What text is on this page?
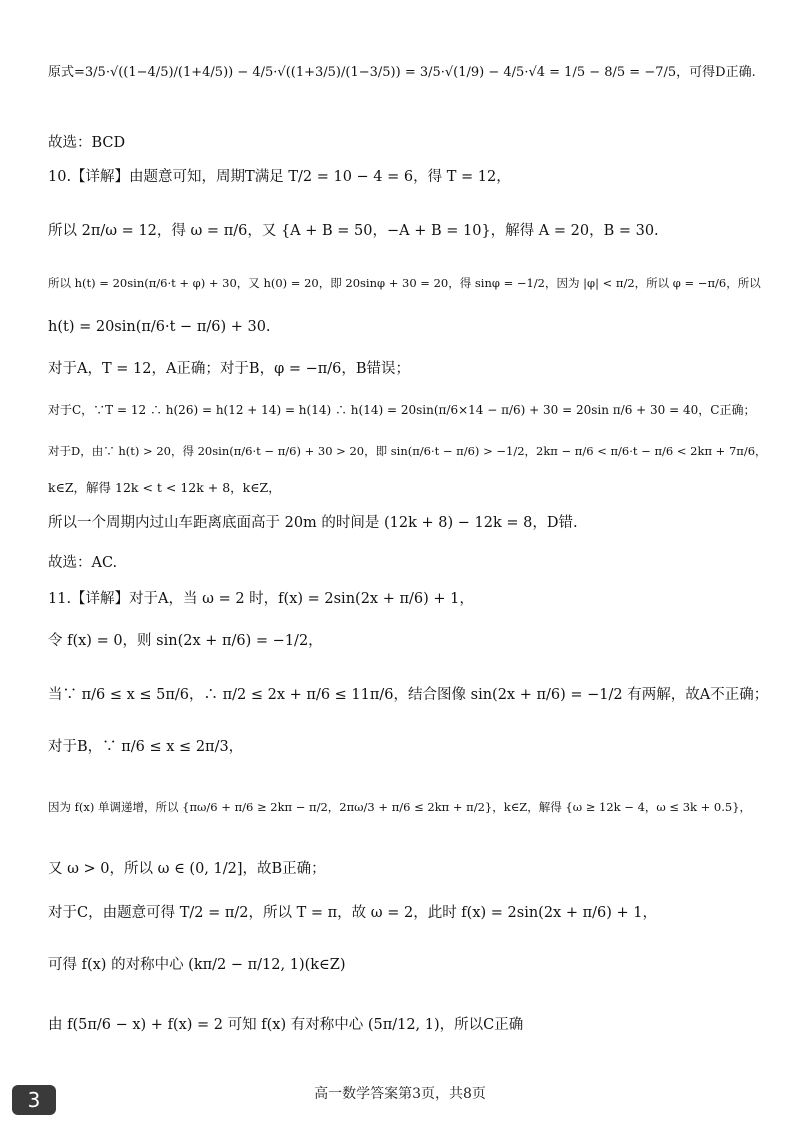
原式=3/5·√((1−4/5)/(1+4/5)) − 4/5·√((1+3/5)/(1−3/5)) = 3/5·√(1/9) − 4/5·√4 = 1/5 − 8/5 = −7/5，可得D正确.
故选：BCD
10.【详解】由题意可知，周期T满足 T/2 = 10 − 4 = 6，得 T = 12，
所以 2π/ω = 12，得 ω = π/6，又 {A + B = 50，−A + B = 10}，解得 A = 20，B = 30.
所以 h(t) = 20sin(π/6·t + φ) + 30，又 h(0) = 20，即 20sinφ + 30 = 20，得 sinφ = −1/2，因为 |φ| < π/2，所以 φ = −π/6，所以
h(t) = 20sin(π/6·t − π/6) + 30.
对于A，T = 12，A正确；对于B，φ = −π/6，B错误；
对于C，∵T = 12 ∴ h(26) = h(12 + 14) = h(14) ∴ h(14) = 20sin(π/6×14 − π/6) + 30 = 20sin π/6 + 30 = 40，C正确；
对于D，由∵ h(t) > 20，得 20sin(π/6·t − π/6) + 30 > 20，即 sin(π/6·t − π/6) > −1/2，2kπ − π/6 < π/6·t − π/6 < 2kπ + 7π/6，
k∈Z，解得 12k < t < 12k + 8，k∈Z，
所以一个周期内过山车距离底面高于 20m 的时间是 (12k + 8) − 12k = 8，D错.
故选：AC.
11.【详解】对于A，当 ω = 2 时，f(x) = 2sin(2x + π/6) + 1，
令 f(x) = 0，则 sin(2x + π/6) = −1/2，
当∵ π/6 ≤ x ≤ 5π/6，∴ π/2 ≤ 2x + π/6 ≤ 11π/6，结合图像 sin(2x + π/6) = −1/2 有两解，故A不正确；
对于B，∵ π/6 ≤ x ≤ 2π/3，
因为 f(x) 单调递增，所以 {πω/6 + π/6 ≥ 2kπ − π/2，2πω/3 + π/6 ≤ 2kπ + π/2}，k∈Z，解得 {ω ≥ 12k − 4，ω ≤ 3k + 0.5}，
又 ω > 0，所以 ω ∈ (0, 1/2]，故B正确；
对于C，由题意可得 T/2 = π/2，所以 T = π，故 ω = 2，此时 f(x) = 2sin(2x + π/6) + 1，
可得 f(x) 的对称中心 (kπ/2 − π/12, 1)(k∈Z)
由 f(5π/6 − x) + f(x) = 2 可知 f(x) 有对称中心 (5π/12, 1)，所以C正确
高一数学答案第3页，共8页
3
